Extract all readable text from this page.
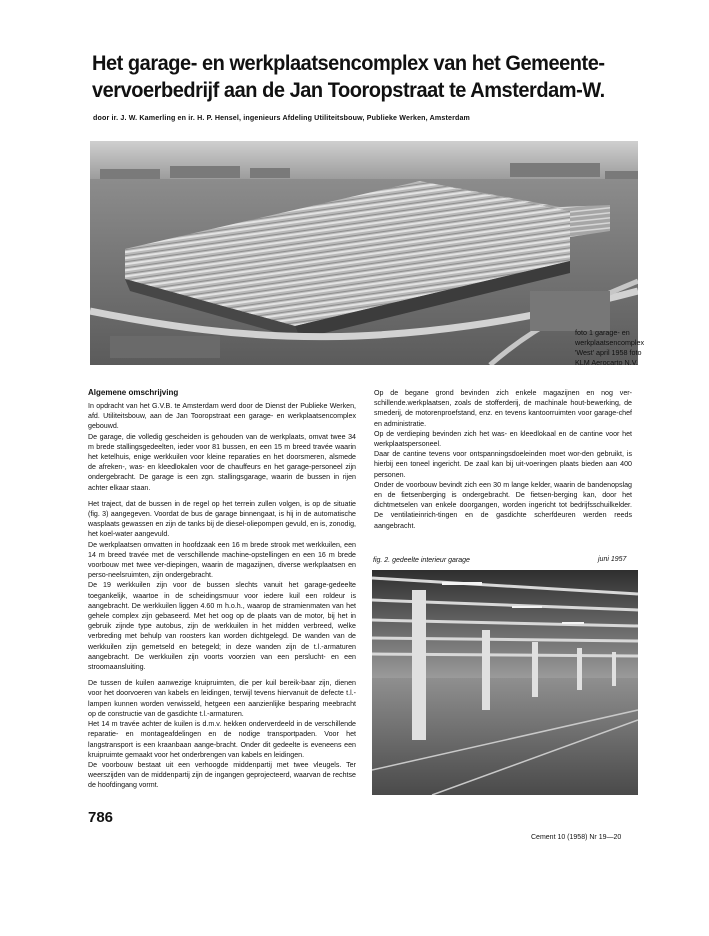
Het garage- en werkplaatsencomplex van het Gemeente-
vervoerbedrijf aan de Jan Tooropstraat te Amsterdam-W.
door ir. J. W. Kamerling en ir. H. P. Hensel, ingenieurs Afdeling Utiliteitsbouw, Publieke Werken, Amsterdam
foto 1 garage- en
werkplaatsencomplex
'West' april 1958 foto
KLM Aerocarto N.V.
Algemene omschrijving

In opdracht van het G.V.B. te Amsterdam werd door de Dienst der Publieke Werken, afd. Utiliteitsbouw, aan de Jan Tooropstraat een garage- en werkplaatsencomplex gebouwd.

De garage, die volledig gescheiden is gehouden van de werkplaats, omvat twee 34 m brede stallingsgedeelten, ieder voor 81 bussen, en een 15 m breed travée waarin het ketelhuis, enige werkkuilen voor kleine reparaties en het doorsmeren, alsmede de afreken-, was- en kleedlokalen voor de chauffeurs en het garage-personeel zijn ondergebracht. De garage is een zgn. stallingsgarage, waarin de bussen in rijen achter elkaar staan.

Het traject, dat de bussen in de regel op het terrein zullen volgen, is op de situatie (fig. 3) aangegeven. Voordat de bus de garage binnengaat, is hij in de automatische wasplaats gewassen en zijn de tanks bij de diesel-oliepompen gevuld, en is, zonodig, het koel-water aangevuld.

De werkplaatsen omvatten in hoofdzaak een 16 m brede strook met werkkuilen, een 14 m breed travée met de verschillende machine-opstellingen en een 16 m brede voorbouw met twee ver-diepingen, waarin de magazijnen, diverse werkplaatsen en perso-neelsruimten, zijn ondergebracht.

De 19 werkkuilen zijn voor de bussen slechts vanuit het garage-gedeelte toegankelijk, waartoe in de scheidingsmuur voor iedere kuil een roldeur is aangebracht. De werkkuilen liggen 4.60 m h.o.h., waarop de stramienmaten van het gehele complex zijn gebaseerd. Met het oog op de plaats van de motor, bij het in gebruik zijnde type autobus, zijn de werkkuilen in het midden verbreed, welke verbreding met behulp van roosters kan worden dichtgelegd. De wanden van de werkkuilen zijn gemetseld en betegeld; in deze wanden zijn de t.l.-armaturen aangebracht. De werkkuilen zijn voorts voorzien van een perslucht- en een stroomaansluiting.

De tussen de kuilen aanwezige kruipruimten, die per kuil bereik-baar zijn, dienen voor het doorvoeren van kabels en leidingen, terwijl tevens hiervanuit de defecte t.l.-lampen kunnen worden verwisseld, hetgeen een aanzienlijke besparing meebracht op de constructie van de gasdichte t.l.-armaturen.

Het 14 m travée achter de kuilen is d.m.v. hekken onderverdeeld in de verschillende reparatie- en montageafdelingen en de nodige transportpaden. Voor het langstransport is een kraanbaan aange-bracht. Onder dit gedeelte is eveneens een kruipruimte gemaakt voor het onderbrengen van kabels en leidingen.

De voorbouw bestaat uit een verhoogde middenpartij met twee vleugels. Ter weerszijden van de middenpartij zijn de ingangen geprojecteerd, waarvan de rechtse de hoofdingang vormt.

Op de begane grond bevinden zich enkele magazijnen en nog ver-schillende.werkplaatsen, zoals de stofferderij, de machinale hout-bewerking, de smederij, de motorenproefstand, enz. en tevens kantoorruimten voor garage-chef en administratie.

Op de verdieping bevinden zich het was- en kleedlokaal en de cantine voor het werkplaatspersoneel.

Daar de cantine tevens voor ontspanningsdoeleinden moet wor-den gebruikt, is hierbij een toneel ingericht. De zaal kan bij uit-voeringen plaats bieden aan 400 personen.

Onder de voorbouw bevindt zich een 30 m lange kelder, waarin de bandenopslag en de fietsenberging is ondergebracht. De fietsen-berging kan, door het dichtmetselen van enkele doorgangen, worden ingericht tot bedrijfsschuilkelder. De ventilatieinrich-tingen en de gasdichte scherfdeuren werden reeds aangebracht.

fig. 2. gedeelte interieur garage	juni 1957
786
Cement 10 (1958) Nr 19—20
